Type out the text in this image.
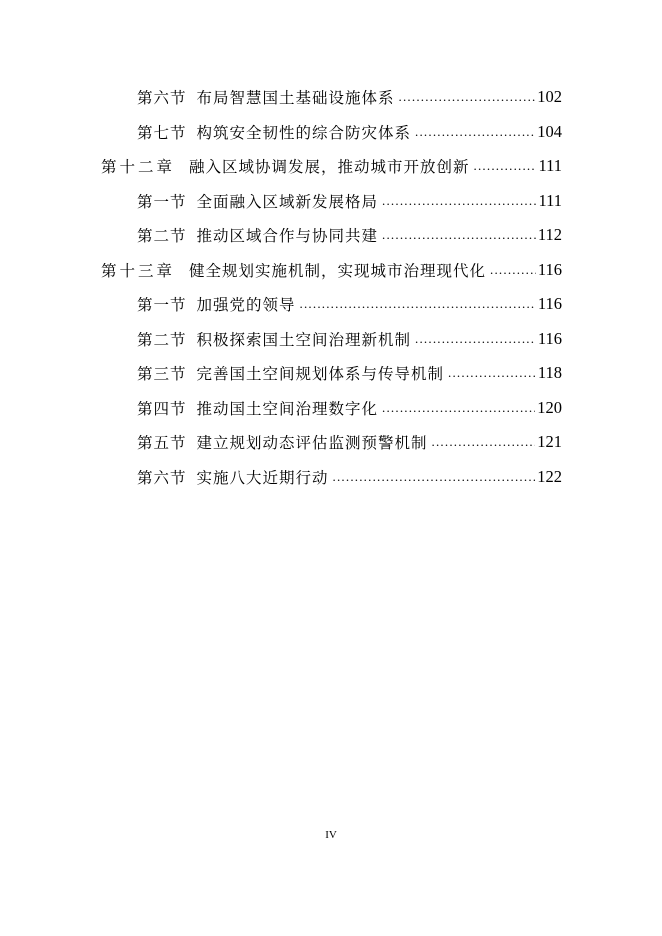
第六节 布局智慧国土基础设施体系 .....	102
第七节 构筑安全韧性的综合防灾体系 .....	104
第十二章 融入区域协调发展，推动城市开放创新 .....	111
第一节 全面融入区域新发展格局 .....	111
第二节 推动区域合作与协同共建 .....	112
第十三章 健全规划实施机制，实现城市治理现代化 .....	116
第一节 加强党的领导 .....	116
第二节 积极探索国土空间治理新机制 .....	116
第三节 完善国土空间规划体系与传导机制 .....	118
第四节 推动国土空间治理数字化 .....	120
第五节 建立规划动态评估监测预警机制 .....	121
第六节 实施八大近期行动 .....	122
IV
